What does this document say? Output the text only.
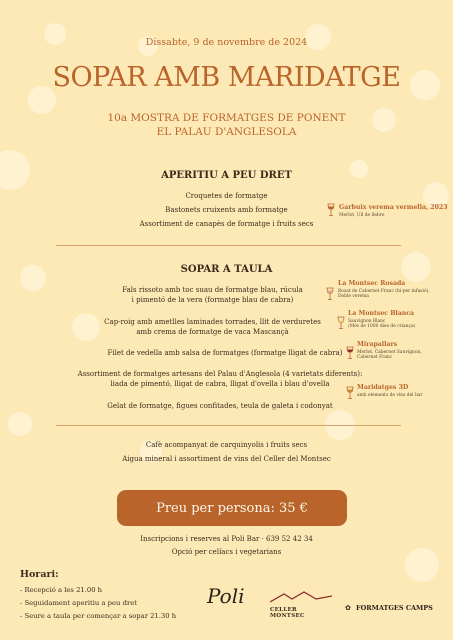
Dissabte, 9 de novembre de 2024
SOPAR AMB MARIDATGE
10a MOSTRA DE FORMATGES DE PONENT
EL PALAU D'ANGLESOLA
APERITIU A PEU DRET
Croquetes de formatge
Bastonets cruixents amb formatge
Assortiment de canapès de formatge i fruits secs
Garbuix verema vermella, 2023
Merlot, Ull de llebre
SOPAR A TAULA
Fals rissoto amb toc suau de formatge blau, rúcula
i pimentó de la vera (formatge blau de cabra)
Cap-roig amb ametlles laminades torrades, llit de verduretes
amb crema de formatge de vaca Mascançà
Filet de vedella amb salsa de formatges (formatge lligat de cabra)
Assortiment de formatges artesans del Palau d'Anglesola (4 varietats diferents):
liada de pimentó, lligat de cabra, lligat d'ovella i blau d'ovella
Gelat de formatge, figues confitades, teula de galeta i codonyat
La Montsec Rosada
Rosat de Cabernet Franc (bi-per infusió),
Doble verema
La Montsec Blanca
Sauvignon Blanc
(Més de 1000 dies de criança)
Mirapallars
Merlot, Cabernet Sauvignon,
Cabernet Franc
Maridatges 3D
amb elements de vins del bar
Cafè acompanyat de carquinyolis i fruits secs
Aigua mineral i assortiment de vins del Celler del Montsec
Preu per persona: 35 €
Inscripcions i reserves al Poli Bar · 639 52 42 34
Opció per celíacs i vegetarians
Horari:
- Recepció a les 21.00 h
- Seguidament aperitiu a peu dret
- Seure a taula per començar a sopar 21.30 h
Poli
CELLER MONTSEC
✿ FORMATGES CAMPS
